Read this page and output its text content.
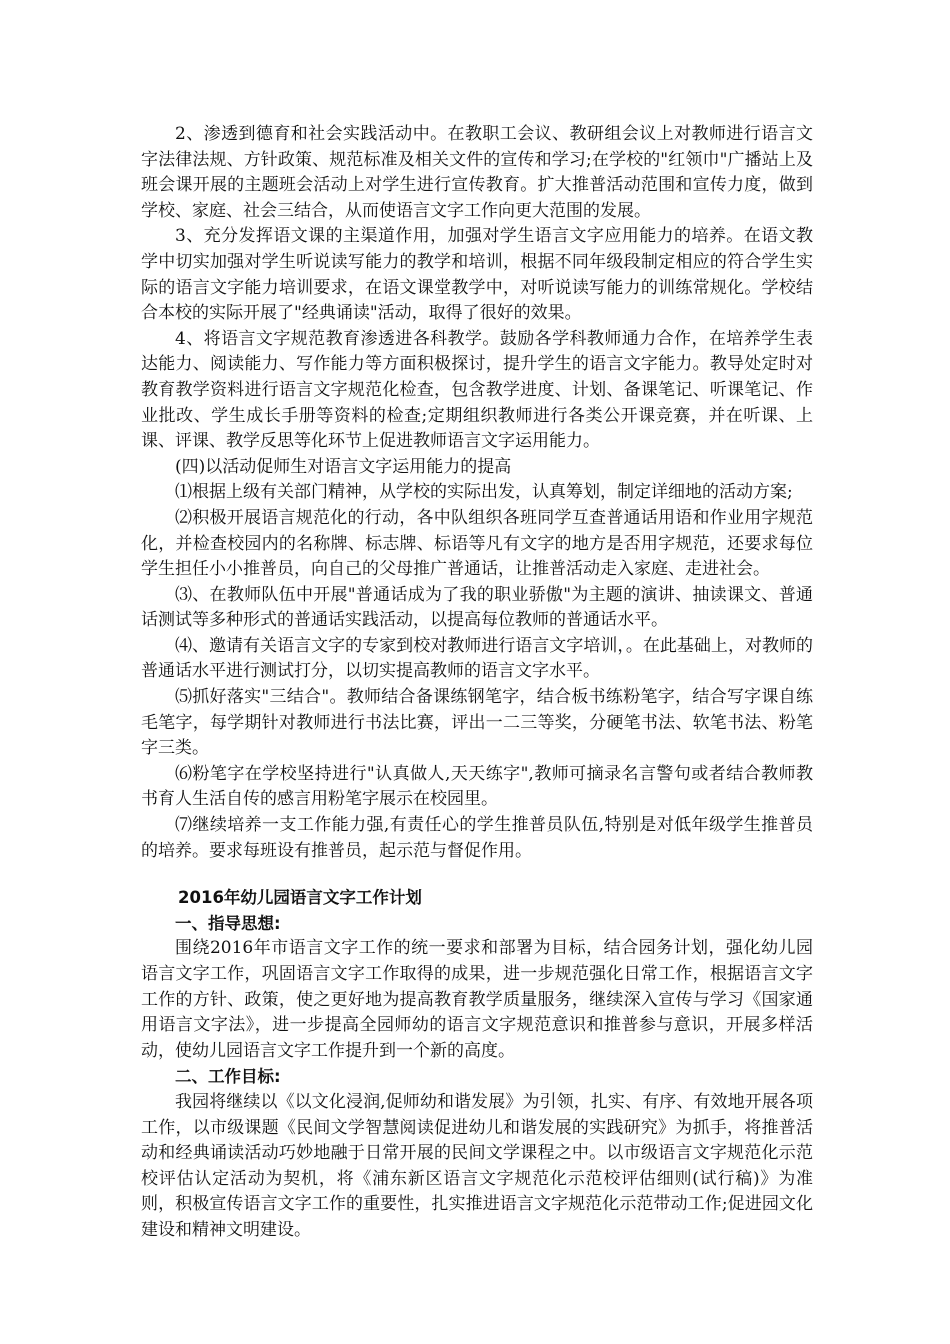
2、渗透到德育和社会实践活动中。在教职工会议、教研组会议上对教师进行语言文字法律法规、方针政策、规范标准及相关文件的宣传和学习;在学校的"红领巾"广播站上及班会课开展的主题班会活动上对学生进行宣传教育。扩大推普活动范围和宣传力度，做到学校、家庭、社会三结合，从而使语言文字工作向更大范围的发展。

3、充分发挥语文课的主渠道作用，加强对学生语言文字应用能力的培养。在语文教学中切实加强对学生听说读写能力的教学和培训，根据不同年级段制定相应的符合学生实际的语言文字能力培训要求，在语文课堂教学中，对听说读写能力的训练常规化。学校结合本校的实际开展了"经典诵读"活动，取得了很好的效果。

4、将语言文字规范教育渗透进各科教学。鼓励各学科教师通力合作，在培养学生表达能力、阅读能力、写作能力等方面积极探讨，提升学生的语言文字能力。教导处定时对教育教学资料进行语言文字规范化检查，包含教学进度、计划、备课笔记、听课笔记、作业批改、学生成长手册等资料的检查;定期组织教师进行各类公开课竞赛，并在听课、上课、评课、教学反思等化环节上促进教师语言文字运用能力。

(四)以活动促师生对语言文字运用能力的提高

⑴根据上级有关部门精神，从学校的实际出发，认真筹划，制定详细地的活动方案;

⑵积极开展语言规范化的行动，各中队组织各班同学互查普通话用语和作业用字规范化，并检查校园内的名称牌、标志牌、标语等凡有文字的地方是否用字规范，还要求每位学生担任小小推普员，向自己的父母推广普通话，让推普活动走入家庭、走进社会。

⑶、在教师队伍中开展"普通话成为了我的职业骄傲"为主题的演讲、抽读课文、普通话测试等多种形式的普通话实践活动，以提高每位教师的普通话水平。

⑷、邀请有关语言文字的专家到校对教师进行语言文字培训，。在此基础上，对教师的普通话水平进行测试打分，以切实提高教师的语言文字水平。

⑸抓好落实"三结合"。教师结合备课练钢笔字，结合板书练粉笔字，结合写字课自练毛笔字，每学期针对教师进行书法比赛，评出一二三等奖，分硬笔书法、软笔书法、粉笔字三类。

⑹粉笔字在学校坚持进行"认真做人,天天练字",教师可摘录名言警句或者结合教师教书育人生活自传的感言用粉笔字展示在校园里。

⑺继续培养一支工作能力强,有责任心的学生推普员队伍,特别是对低年级学生推普员的培养。要求每班设有推普员，起示范与督促作用。

2016年幼儿园语言文字工作计划

一、指导思想:

围绕2016年市语言文字工作的统一要求和部署为目标，结合园务计划，强化幼儿园语言文字工作，巩固语言文字工作取得的成果，进一步规范强化日常工作，根据语言文字工作的方针、政策，使之更好地为提高教育教学质量服务，继续深入宣传与学习《国家通用语言文字法》，进一步提高全园师幼的语言文字规范意识和推普参与意识，开展多样活动，使幼儿园语言文字工作提升到一个新的高度。

二、工作目标:

我园将继续以《以文化浸润,促师幼和谐发展》为引领，扎实、有序、有效地开展各项工作，以市级课题《民间文学智慧阅读促进幼儿和谐发展的实践研究》为抓手，将推普活动和经典诵读活动巧妙地融于日常开展的民间文学课程之中。以市级语言文字规范化示范校评估认定活动为契机，将《浦东新区语言文字规范化示范校评估细则(试行稿)》为准则，积极宣传语言文字工作的重要性，扎实推进语言文字规范化示范带动工作;促进园文化建设和精神文明建设。
